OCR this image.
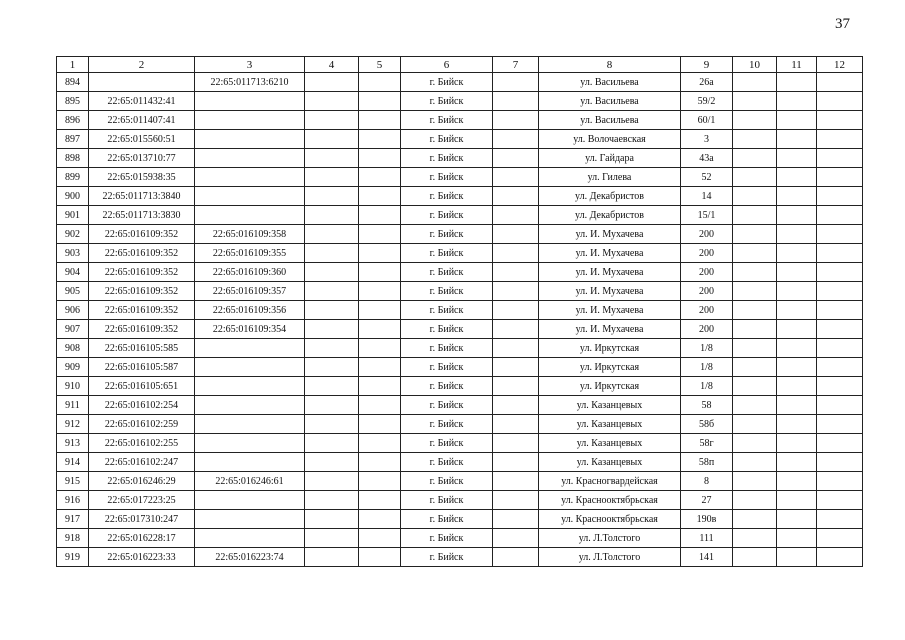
37
1	2	3	4	5	6	7	8	9	10	11	12
894		22:65:011713:6210			г. Бийск		ул. Васильева	26а			
895	22:65:011432:41				г. Бийск		ул. Васильева	59/2			
896	22:65:011407:41				г. Бийск		ул. Васильева	60/1			
897	22:65:015560:51				г. Бийск		ул. Волочаевская	3			
898	22:65:013710:77				г. Бийск		ул. Гайдара	43а			
899	22:65:015938:35				г. Бийск		ул. Гилева	52			
900	22:65:011713:3840				г. Бийск		ул. Декабристов	14			
901	22:65:011713:3830				г. Бийск		ул. Декабристов	15/1			
902	22:65:016109:352	22:65:016109:358			г. Бийск		ул. И. Мухачева	200			
903	22:65:016109:352	22:65:016109:355			г. Бийск		ул. И. Мухачева	200			
904	22:65:016109:352	22:65:016109:360			г. Бийск		ул. И. Мухачева	200			
905	22:65:016109:352	22:65:016109:357			г. Бийск		ул. И. Мухачева	200			
906	22:65:016109:352	22:65:016109:356			г. Бийск		ул. И. Мухачева	200			
907	22:65:016109:352	22:65:016109:354			г. Бийск		ул. И. Мухачева	200			
908	22:65:016105:585				г. Бийск		ул. Иркутская	1/8			
909	22:65:016105:587				г. Бийск		ул. Иркутская	1/8			
910	22:65:016105:651				г. Бийск		ул. Иркутская	1/8			
911	22:65:016102:254				г. Бийск		ул. Казанцевых	58			
912	22:65:016102:259				г. Бийск		ул. Казанцевых	58б			
913	22:65:016102:255				г. Бийск		ул. Казанцевых	58г			
914	22:65:016102:247				г. Бийск		ул. Казанцевых	58п			
915	22:65:016246:29	22:65:016246:61			г. Бийск		ул. Красногвардейская	8			
916	22:65:017223:25				г. Бийск		ул. Краснооктябрьская	27			
917	22:65:017310:247				г. Бийск		ул. Краснооктябрьская	190в			
918	22:65:016228:17				г. Бийск		ул. Л.Толстого	111			
919	22:65:016223:33	22:65:016223:74			г. Бийск		ул. Л.Толстого	141			
